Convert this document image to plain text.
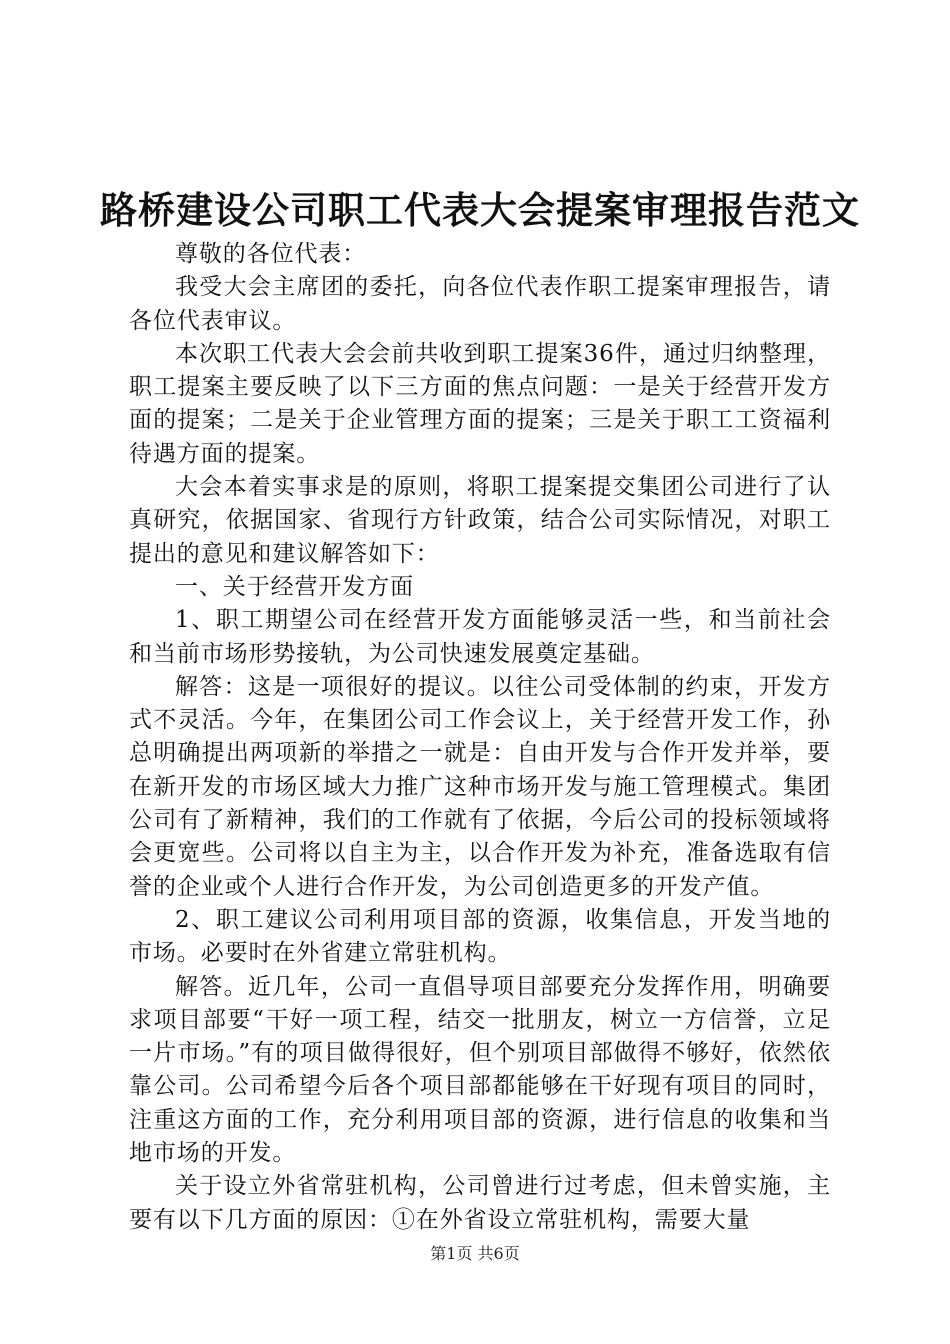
路桥建设公司职工代表大会提案审理报告范文

尊敬的各位代表：

我受大会主席团的委托，向各位代表作职工提案审理报告，请各位代表审议。

本次职工代表大会会前共收到职工提案36件，通过归纳整理，职工提案主要反映了以下三方面的焦点问题：一是关于经营开发方面的提案；二是关于企业管理方面的提案；三是关于职工工资福利待遇方面的提案。

大会本着实事求是的原则，将职工提案提交集团公司进行了认真研究，依据国家、省现行方针政策，结合公司实际情况，对职工提出的意见和建议解答如下：

一、关于经营开发方面

1、职工期望公司在经营开发方面能够灵活一些，和当前社会和当前市场形势接轨，为公司快速发展奠定基础。

解答：这是一项很好的提议。以往公司受体制的约束，开发方式不灵活。今年，在集团公司工作会议上，关于经营开发工作，孙总明确提出两项新的举措之一就是：自由开发与合作开发并举，要在新开发的市场区域大力推广这种市场开发与施工管理模式。集团公司有了新精神，我们的工作就有了依据，今后公司的投标领域将会更宽些。公司将以自主为主，以合作开发为补充，准备选取有信誉的企业或个人进行合作开发，为公司创造更多的开发产值。

2、职工建议公司利用项目部的资源，收集信息，开发当地的市场。必要时在外省建立常驻机构。

解答。近几年，公司一直倡导项目部要充分发挥作用，明确要求项目部要“干好一项工程，结交一批朋友，树立一方信誉，立足一片市场。”有的项目做得很好，但个别项目部做得不够好，依然依靠公司。公司希望今后各个项目部都能够在干好现有项目的同时，注重这方面的工作，充分利用项目部的资源，进行信息的收集和当地市场的开发。

关于设立外省常驻机构，公司曾进行过考虑，但未曾实施，主要有以下几方面的原因：①在外省设立常驻机构，需要大量

第1页 共6页
